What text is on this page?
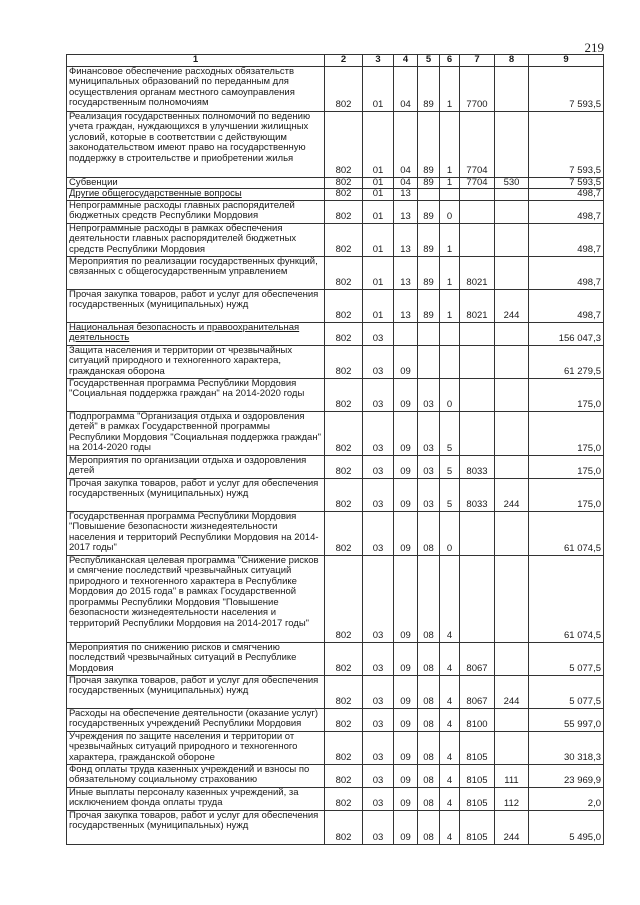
219
1	2	3	4	5	6	7	8	9
Финансовое обеспечение расходных обязательств муниципальных образований по переданным для осуществления органам местного самоуправления государственным полномочиям	802	01	04	89	1	7700		7 593,5
Реализация государственных полномочий по ведению учета граждан, нуждающихся в улучшении жилищных условий, которые в соответствии с действующим законодательством имеют право на государственную поддержку в строительстве и приобретении жилья	802	01	04	89	1	7704		7 593,5
Субвенции	802	01	04	89	1	7704	530	7 593,5
Другие общегосударственные вопросы	802	01	13					498,7
Непрограммные расходы главных распорядителей бюджетных средств Республики Мордовия	802	01	13	89	0			498,7
Непрограммные расходы в рамках обеспечения деятельности главных распорядителей бюджетных средств Республики Мордовия	802	01	13	89	1			498,7
Мероприятия по реализации государственных функций, связанных с общегосударственным управлением	802	01	13	89	1	8021		498,7
Прочая закупка товаров, работ и услуг для обеспечения государственных (муниципальных) нужд	802	01	13	89	1	8021	244	498,7
Национальная безопасность и правоохранительная деятельность	802	03						156 047,3
Защита населения и территории от чрезвычайных ситуаций природного и техногенного характера, гражданская оборона	802	03	09					61 279,5
Государственная программа Республики Мордовия "Социальная поддержка граждан" на 2014-2020 годы	802	03	09	03	0			175,0
Подпрограмма "Организация отдыха и оздоровления детей" в рамках Государственной программы Республики Мордовия "Социальная поддержка граждан" на 2014-2020 годы	802	03	09	03	5			175,0
Мероприятия по организации отдыха и оздоровления детей	802	03	09	03	5	8033		175,0
Прочая закупка товаров, работ и услуг для обеспечения государственных (муниципальных) нужд	802	03	09	03	5	8033	244	175,0
Государственная программа Республики Мордовия "Повышение безопасности жизнедеятельности населения и территорий Республики Мордовия на 2014-2017 годы"	802	03	09	08	0			61 074,5
Республиканская целевая программа "Снижение рисков и смягчение последствий чрезвычайных ситуаций природного и техногенного характера в Республике Мордовия до 2015 года" в рамках Государственной программы Республики Мордовия "Повышение безопасности жизнедеятельности населения и территорий Республики Мордовия на 2014-2017 годы"	802	03	09	08	4			61 074,5
Мероприятия по снижению рисков и смягчению последствий чрезвычайных ситуаций в Республике Мордовия	802	03	09	08	4	8067		5 077,5
Прочая закупка товаров, работ и услуг для обеспечения государственных (муниципальных) нужд	802	03	09	08	4	8067	244	5 077,5
Расходы на обеспечение деятельности (оказание услуг) государственных учреждений Республики Мордовия	802	03	09	08	4	8100		55 997,0
Учреждения по защите населения и территории от чрезвычайных ситуаций природного и техногенного характера, гражданской обороне	802	03	09	08	4	8105		30 318,3
Фонд оплаты труда казенных учреждений и взносы по обязательному социальному страхованию	802	03	09	08	4	8105	111	23 969,9
Иные выплаты персоналу казенных учреждений, за исключением фонда оплаты труда	802	03	09	08	4	8105	112	2,0
Прочая закупка товаров, работ и услуг для обеспечения государственных (муниципальных) нужд	802	03	09	08	4	8105	244	5 495,0
